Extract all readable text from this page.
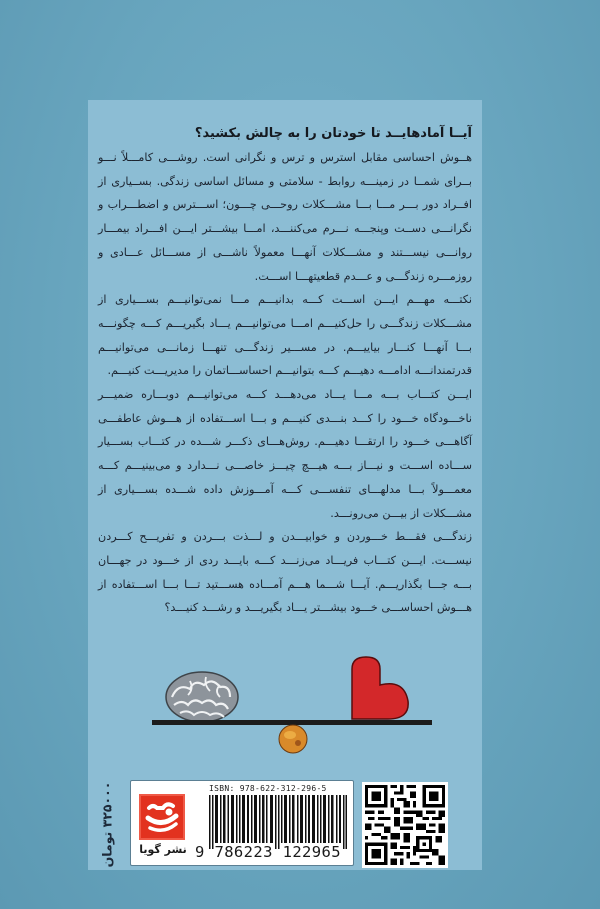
آیــا آمادهایــد تا خودتان را به چالش بکشید؟

هــوش احساسی مقابل استرس و ترس و نگرانی است. روشـــی کامـــلاً نـــو بــرای شمــا در زمینـــه روابط - سلامتی و مسائل اساسی زندگی. بســیاری از افــراد دور بـــر مـــا بـــا مشـــکلات روحـــی چـــون؛ اســـترس و اضطـــراب و نگرانـــی دســت وپنجـــه نـــرم می‌کننـــد، امـــا بیشـــتر ایـــن افـــراد بیمـــار روانـــی نیســـتند و مشـــکلات آنهـــا معمولاً ناشـــی از مســـائل عـــادی و روزمـــره زندگـــی و عـــدم قطعیتهـــا اســـت.

نکتـــه مهـــم ایـــن اســـت کـــه بدانیـــم مـــا نمی‌توانیـــم بســـیاری از مشـــکلات زندگـــی را حل‌کنیـــم امـــا می‌توانیـــم یـــاد بگیریـــم کـــه چگونـــه بـــا آنهـــا کنـــار بیاییـــم. در مســـیر زندگـــی تنهـــا زمانـــی می‌توانیـــم قدرتمندانـــه ادامـــه دهیـــم کـــه بتوانیـــم احساســـاتمان را مدیریـــت کنیـــم.

ایـــن کتـــاب بـــه مـــا یـــاد می‌دهـــد کـــه می‌توانیـــم دوبـــاره ضمیـــر ناخـــودگاه خـــود را کـــد بنـــدی کنیـــم و بـــا اســـتفاده از هـــوش عاطفـــی آگاهـــی خـــود را ارتقـــا دهیـــم. روش‌هـــای ذکـــر شـــده در کتـــاب بســـیار ســـاده اســـت و نیـــاز بـــه هیـــچ چیـــز خاصـــی نـــدارد و می‌بینیـــم کـــه معمـــولاً بـــا مدلهـــای تنفســـی کـــه آمـــوزش داده شـــده بســـیاری از مشـــکلات از بیـــن می‌رونـــد.

زندگـــی فقـــط خـــوردن و خوابیـــدن و لـــذت بـــردن و تفریـــح کـــردن نیســـت. ایـــن کتـــاب فریـــاد می‌زنـــد کـــه بایـــد ردی از خـــود در جهـــان بـــه جـــا بگذاریـــم. آیـــا شـــما هـــم آمـــاده هســـتید تـــا بـــا اســـتفاده از هـــوش احساســـی خـــود بیشـــتر یـــاد بگیریـــد و رشـــد کنیـــد؟

۳۲۵۰۰۰ تومان
نشر گویا
ISBN: 978-622-312-296-5
9 786223 122965
